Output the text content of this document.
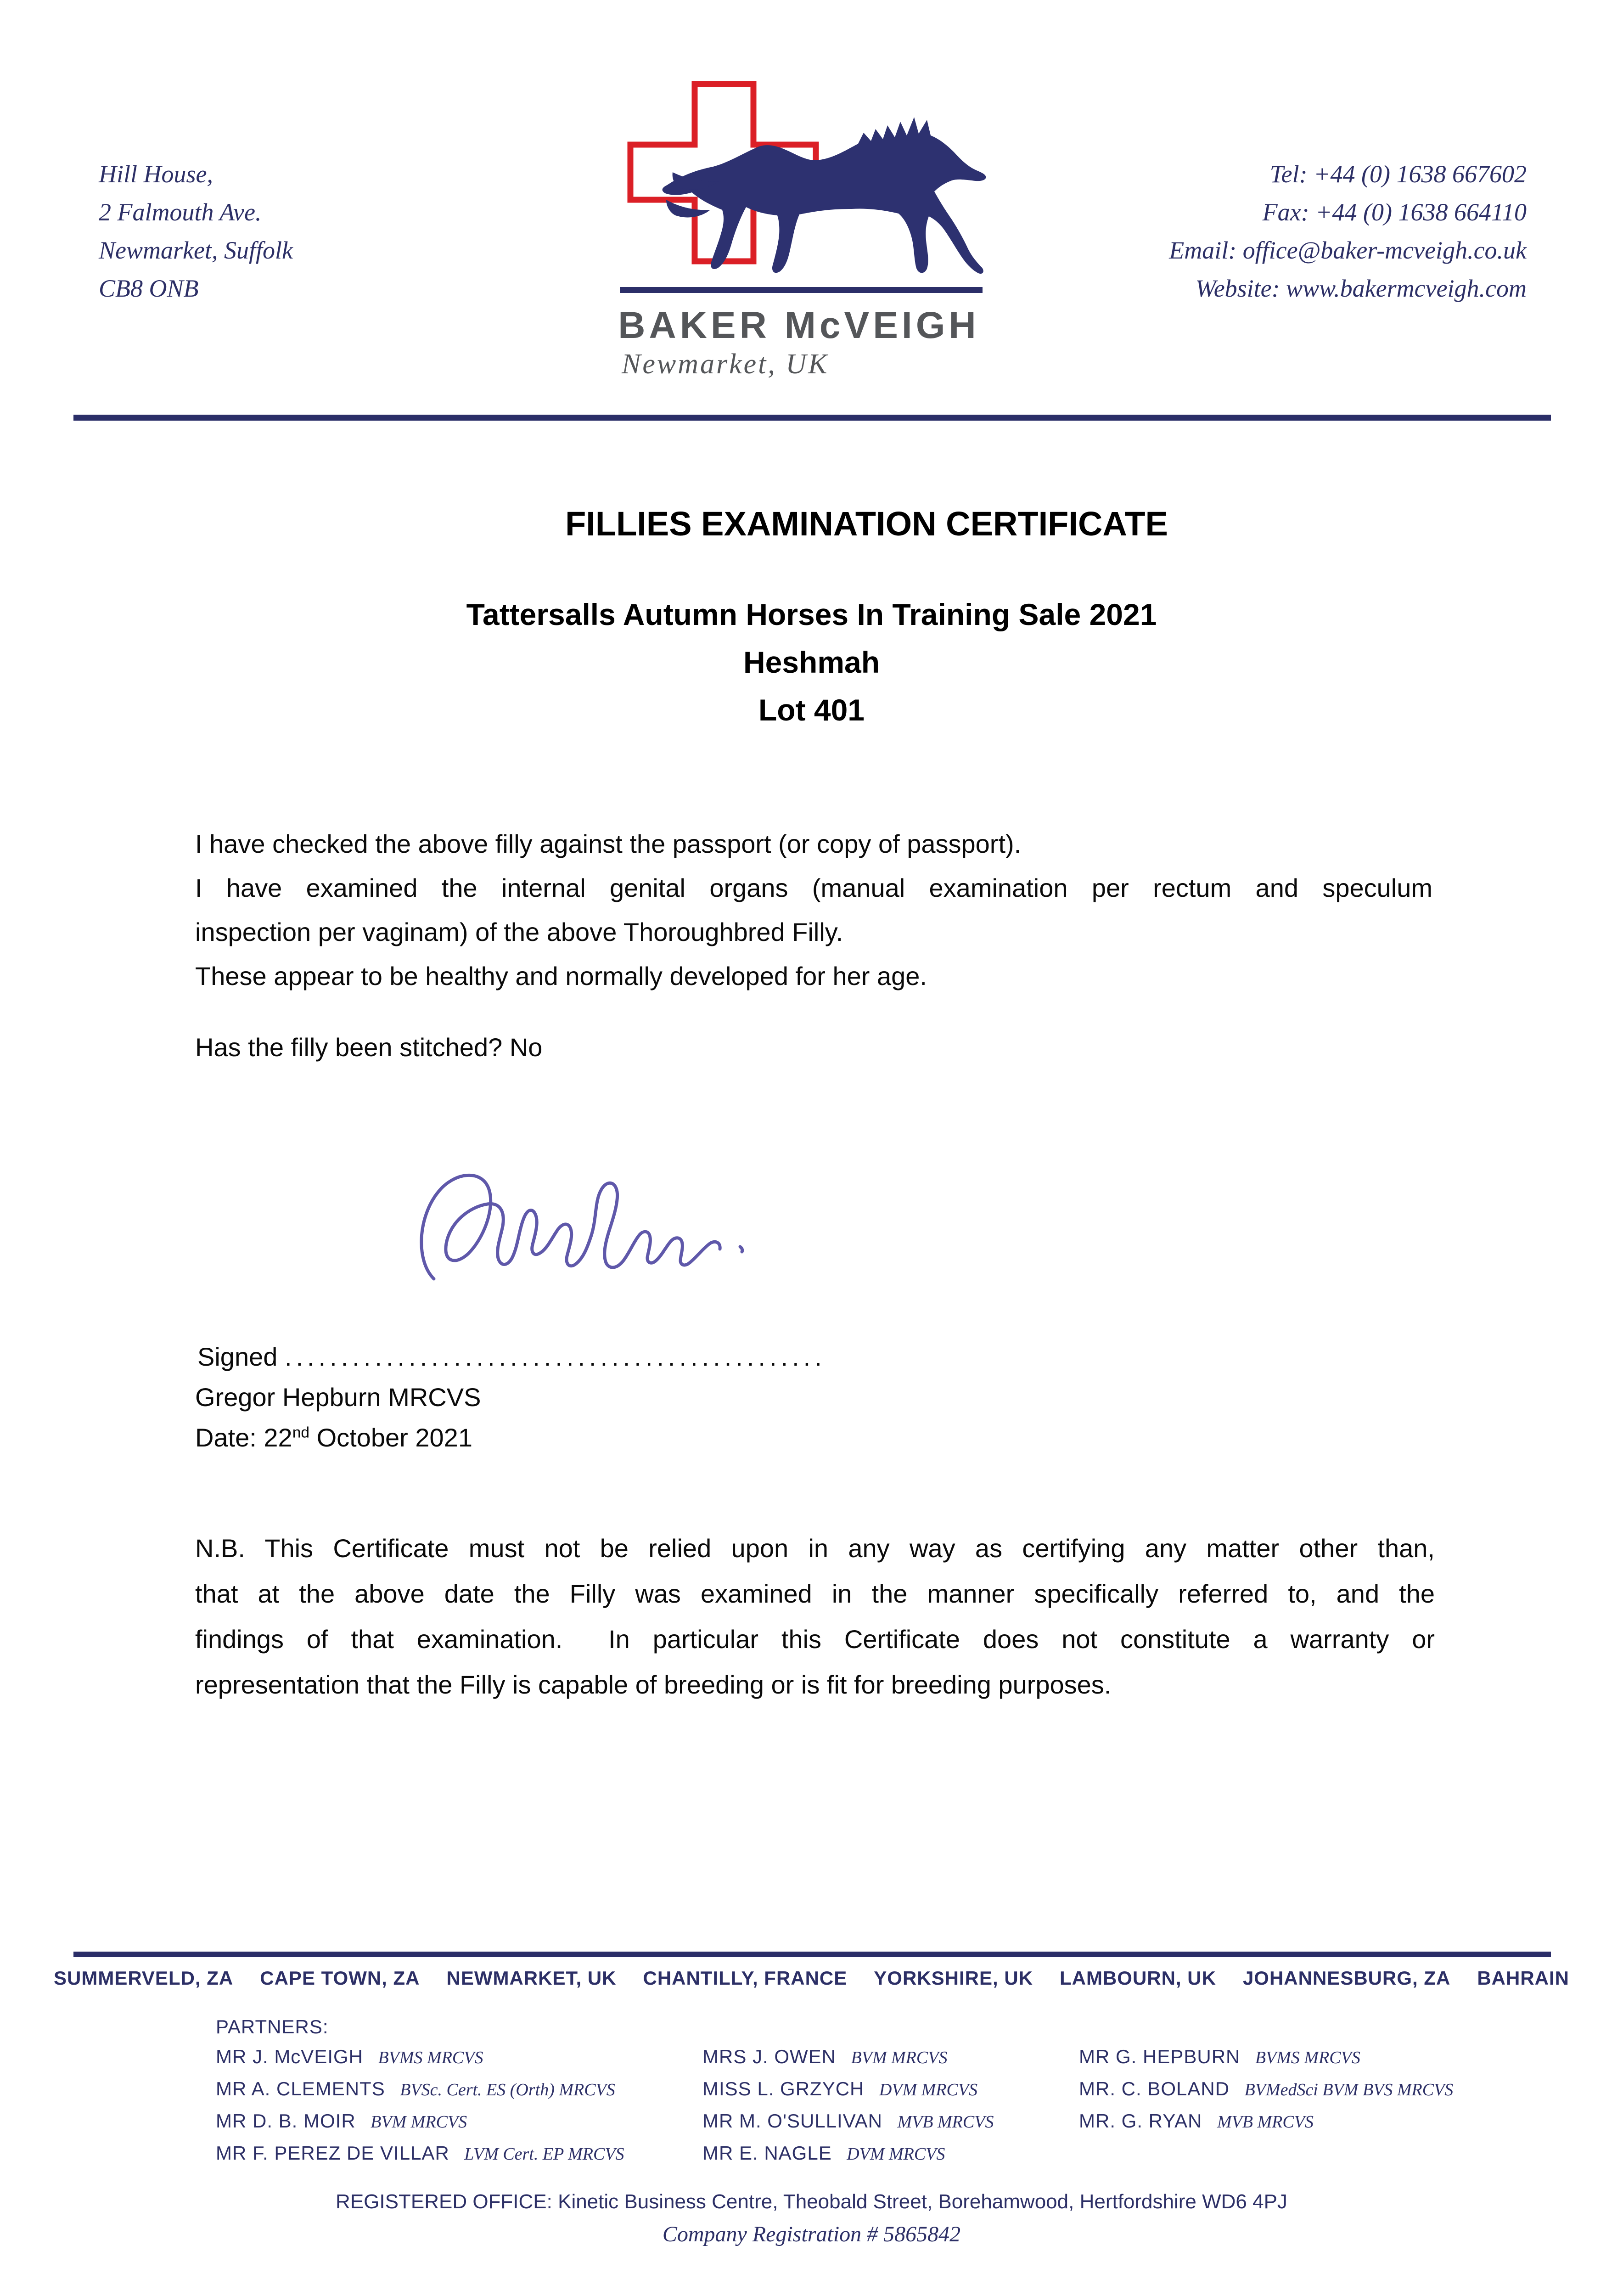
Hill House,
2 Falmouth Ave.
Newmarket, Suffolk
CB8 ONB
Tel: +44 (0) 1638 667602
Fax: +44 (0) 1638 664110
Email: office@baker-mcveigh.co.uk
Website: www.bakermcveigh.com
BAKER McVEIGH
Newmarket, UK
FILLIES EXAMINATION CERTIFICATE
Tattersalls Autumn Horses In Training Sale 2021
Heshmah
Lot 401
I have checked the above filly against the passport (or copy of passport).
I have examined the internal genital organs (manual examination per rectum and speculum
inspection per vaginam) of the above Thoroughbred Filly.
These appear to be healthy and normally developed for her age.
Has the filly been stitched? No
Signed ................................................
Gregor Hepburn MRCVS
Date: 22nd October 2021
N.B. This Certificate must not be relied upon in any way as certifying any matter other than,
that at the above date the Filly was examined in the manner specifically referred to, and the
findings of that examination.  In particular this Certificate does not constitute a warranty or
representation that the Filly is capable of breeding or is fit for breeding purposes.
SUMMERVELD, ZA CAPE TOWN, ZA NEWMARKET, UK CHANTILLY, FRANCE YORKSHIRE, UK LAMBOURN, UK JOHANNESBURG, ZA BAHRAIN
PARTNERS:
MR J. McVEIGH BVMS MRCVS
MR A. CLEMENTS BVSc. Cert. ES (Orth) MRCVS
MR D. B. MOIR BVM MRCVS
MR F. PEREZ DE VILLAR LVM Cert. EP MRCVS
MRS J. OWEN BVM MRCVS
MISS L. GRZYCH DVM MRCVS
MR M. O'SULLIVAN MVB MRCVS
MR E. NAGLE DVM MRCVS
MR G. HEPBURN BVMS MRCVS
MR. C. BOLAND BVMedSci BVM BVS MRCVS
MR. G. RYAN MVB MRCVS
REGISTERED OFFICE: Kinetic Business Centre, Theobald Street, Borehamwood, Hertfordshire WD6 4PJ
Company Registration # 5865842
